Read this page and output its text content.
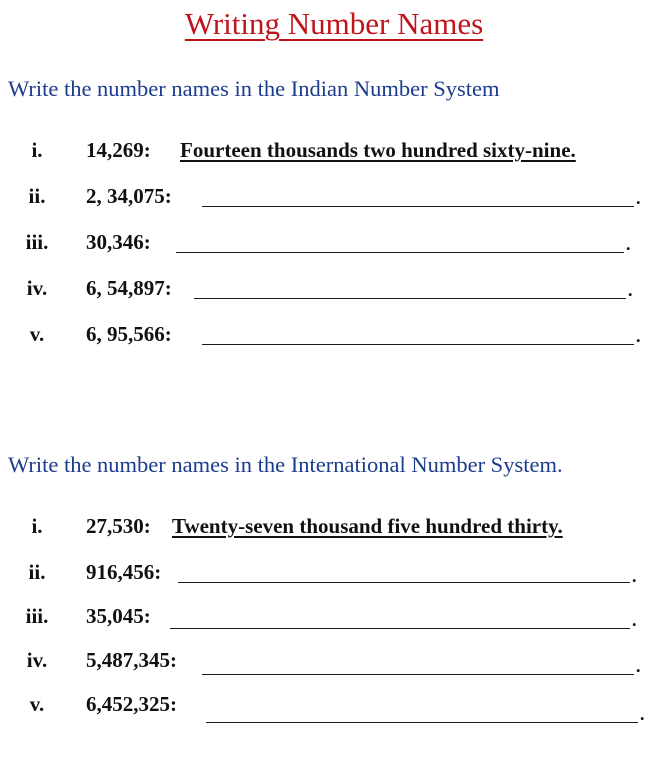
Writing Number Names
Write the number names in the Indian Number System
i.	14,269: Fourteen thousands two hundred sixty-nine.
ii.	2, 34,075:	.
iii.	30,346:	.
iv.	6, 54,897:	.
v.	6, 95,566:	.
Write the number names in the International Number System.
i.	27,530: Twenty-seven thousand five hundred thirty.
ii.	916,456:	.
iii.	35,045:	.
iv.	5,487,345:	.
v.	6,452,325:	.
